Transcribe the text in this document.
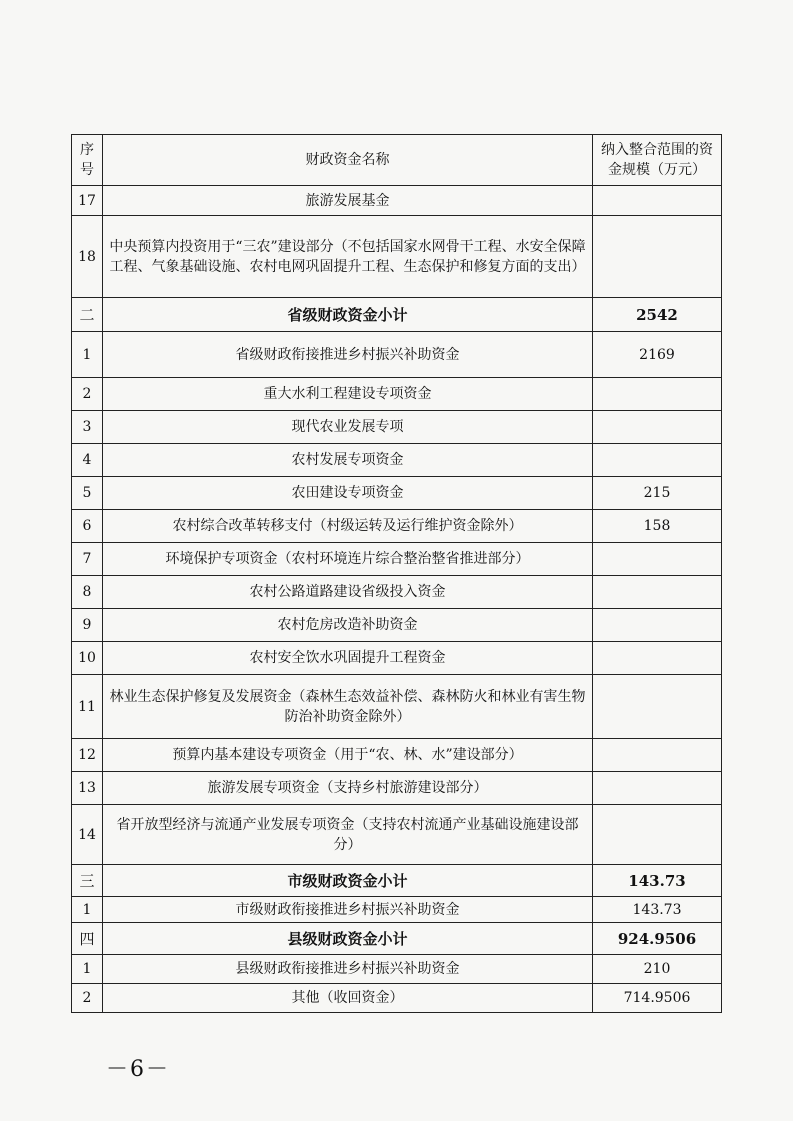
序号	财政资金名称	纳入整合范围的资金规模（万元）
17	旅游发展基金	
18	中央预算内投资用于“三农”建设部分（不包括国家水网骨干工程、水安全保障工程、气象基础设施、农村电网巩固提升工程、生态保护和修复方面的支出）	
二	省级财政资金小计	2542
1	省级财政衔接推进乡村振兴补助资金	2169
2	重大水利工程建设专项资金	
3	现代农业发展专项	
4	农村发展专项资金	
5	农田建设专项资金	215
6	农村综合改革转移支付（村级运转及运行维护资金除外）	158
7	环境保护专项资金（农村环境连片综合整治整省推进部分）	
8	农村公路道路建设省级投入资金	
9	农村危房改造补助资金	
10	农村安全饮水巩固提升工程资金	
11	林业生态保护修复及发展资金（森林生态效益补偿、森林防火和林业有害生物防治补助资金除外）	
12	预算内基本建设专项资金（用于“农、林、水”建设部分）	
13	旅游发展专项资金（支持乡村旅游建设部分）	
14	省开放型经济与流通产业发展专项资金（支持农村流通产业基础设施建设部分）	
三	市级财政资金小计	143.73
1	市级财政衔接推进乡村振兴补助资金	143.73
四	县级财政资金小计	924.9506
1	县级财政衔接推进乡村振兴补助资金	210
2	其他（收回资金）	714.9506
－6－
